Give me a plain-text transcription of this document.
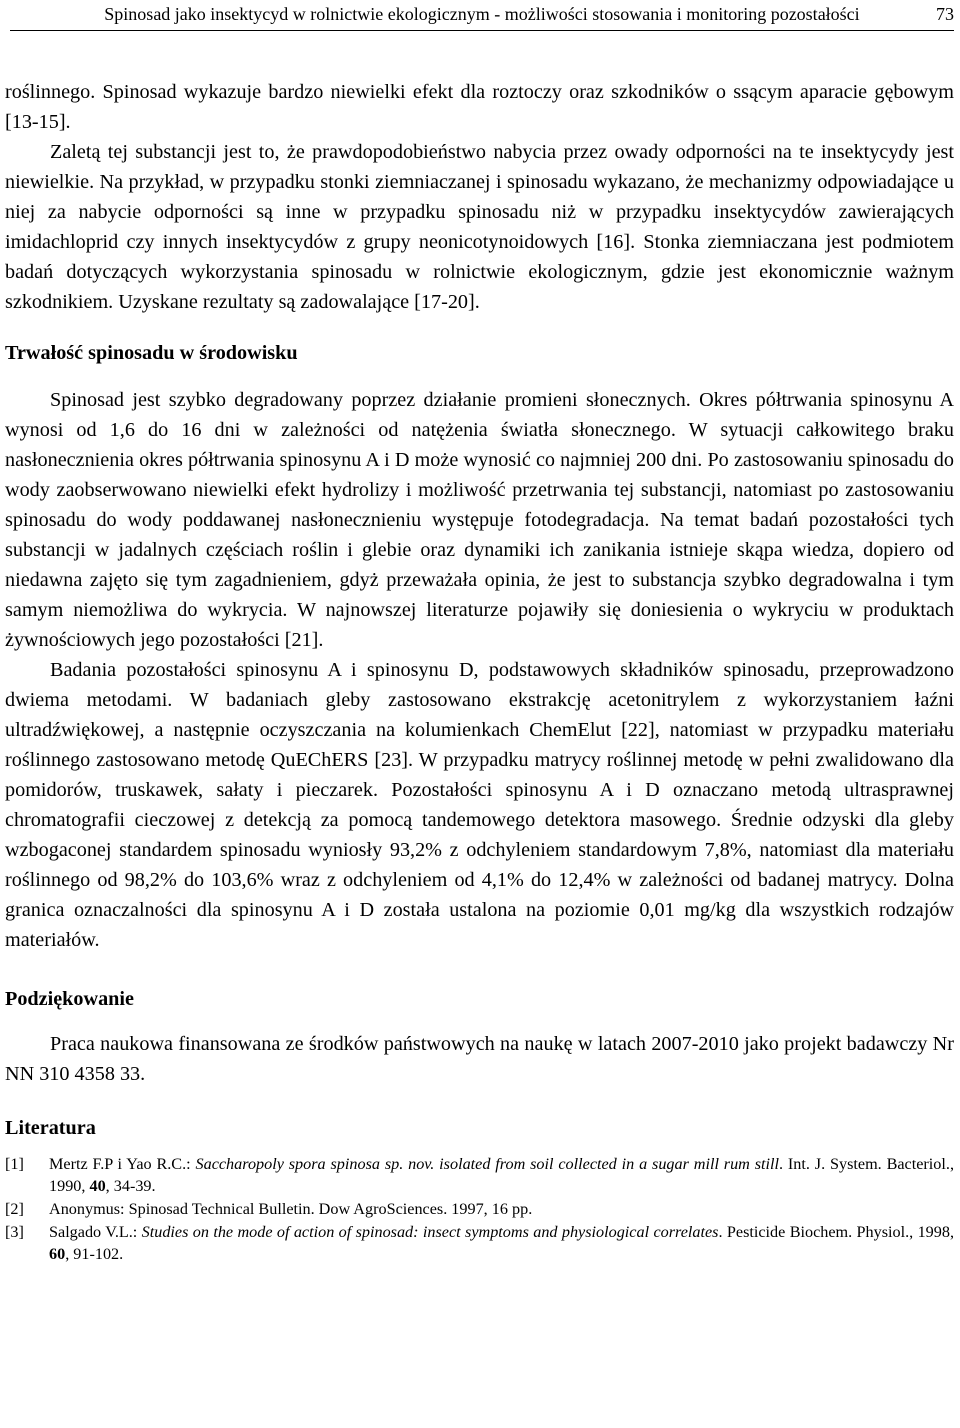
Spinosad jako insektycyd w rolnictwie ekologicznym - możliwości stosowania i monitoring pozostałości	73

roślinnego. Spinosad wykazuje bardzo niewielki efekt dla roztoczy oraz szkodników o ssącym aparacie gębowym [13-15].

Zaletą tej substancji jest to, że prawdopodobieństwo nabycia przez owady odporności na te insektycydy jest niewielkie. Na przykład, w przypadku stonki ziemniaczanej i spinosadu wykazano, że mechanizmy odpowiadające u niej za nabycie odporności są inne w przypadku spinosadu niż w przypadku insektycydów zawierających imidachloprid czy innych insektycydów z grupy neonicotynoidowych [16]. Stonka ziemniaczana jest podmiotem badań dotyczących wykorzystania spinosadu w rolnictwie ekologicznym, gdzie jest ekonomicznie ważnym szkodnikiem. Uzyskane rezultaty są zadowalające [17-20].

Trwałość spinosadu w środowisku

Spinosad jest szybko degradowany poprzez działanie promieni słonecznych. Okres półtrwania spinosynu A wynosi od 1,6 do 16 dni w zależności od natężenia światła słonecznego. W sytuacji całkowitego braku nasłonecznienia okres półtrwania spinosynu A i D może wynosić co najmniej 200 dni. Po zastosowaniu spinosadu do wody zaobserwowano niewielki efekt hydrolizy i możliwość przetrwania tej substancji, natomiast po zastosowaniu spinosadu do wody poddawanej nasłonecznieniu występuje fotodegradacja. Na temat badań pozostałości tych substancji w jadalnych częściach roślin i glebie oraz dynamiki ich zanikania istnieje skąpa wiedza, dopiero od niedawna zajęto się tym zagadnieniem, gdyż przeważała opinia, że jest to substancja szybko degradowalna i tym samym niemożliwa do wykrycia. W najnowszej literaturze pojawiły się doniesienia o wykryciu w produktach żywnościowych jego pozostałości [21].

Badania pozostałości spinosynu A i spinosynu D, podstawowych składników spinosadu, przeprowadzono dwiema metodami. W badaniach gleby zastosowano ekstrakcję acetonitrylem z wykorzystaniem łaźni ultradźwiękowej, a następnie oczyszczania na kolumienkach ChemElut [22], natomiast w przypadku materiału roślinnego zastosowano metodę QuEChERS [23]. W przypadku matrycy roślinnej metodę w pełni zwalidowano dla pomidorów, truskawek, sałaty i pieczarek. Pozostałości spinosynu A i D oznaczano metodą ultrasprawnej chromatografii cieczowej z detekcją za pomocą tandemowego detektora masowego. Średnie odzyski dla gleby wzbogaconej standardem spinosadu wyniosły 93,2% z odchyleniem standardowym 7,8%, natomiast dla materiału roślinnego od 98,2% do 103,6% wraz z odchyleniem od 4,1% do 12,4% w zależności od badanej matrycy. Dolna granica oznaczalności dla spinosynu A i D została ustalona na poziomie 0,01 mg/kg dla wszystkich rodzajów materiałów.

Podziękowanie

Praca naukowa finansowana ze środków państwowych na naukę w latach 2007-2010 jako projekt badawczy Nr NN 310 4358 33.

Literatura
[1] Mertz F.P i Yao R.C.: Saccharopoly spora spinosa sp. nov. isolated from soil collected in a sugar mill rum still. Int. J. System. Bacteriol., 1990, 40, 34-39.
[2] Anonymus: Spinosad Technical Bulletin. Dow AgroSciences. 1997, 16 pp.
[3] Salgado V.L.: Studies on the mode of action of spinosad: insect symptoms and physiological correlates. Pesticide Biochem. Physiol., 1998, 60, 91-102.
